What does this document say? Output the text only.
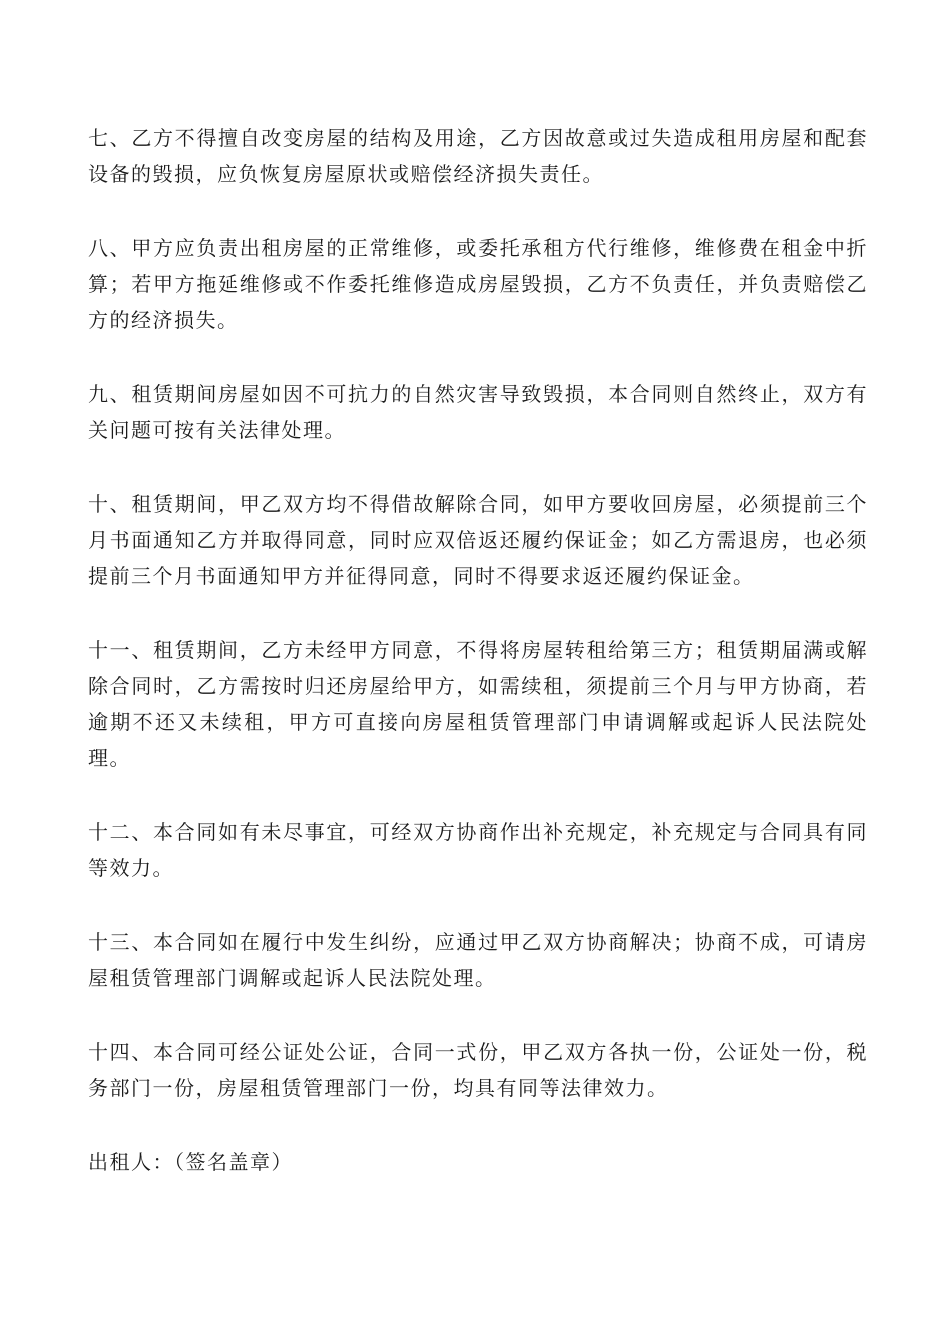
七、乙方不得擅自改变房屋的结构及用途，乙方因故意或过失造成租用房屋和配套设备的毁损，应负恢复房屋原状或赔偿经济损失责任。

八、甲方应负责出租房屋的正常维修，或委托承租方代行维修，维修费在租金中折算；若甲方拖延维修或不作委托维修造成房屋毁损，乙方不负责任，并负责赔偿乙方的经济损失。

九、租赁期间房屋如因不可抗力的自然灾害导致毁损，本合同则自然终止，双方有关问题可按有关法律处理。

十、租赁期间，甲乙双方均不得借故解除合同，如甲方要收回房屋，必须提前三个月书面通知乙方并取得同意，同时应双倍返还履约保证金；如乙方需退房，也必须提前三个月书面通知甲方并征得同意，同时不得要求返还履约保证金。

十一、租赁期间，乙方未经甲方同意，不得将房屋转租给第三方；租赁期届满或解除合同时，乙方需按时归还房屋给甲方，如需续租，须提前三个月与甲方协商，若逾期不还又未续租，甲方可直接向房屋租赁管理部门申请调解或起诉人民法院处理。

十二、本合同如有未尽事宜，可经双方协商作出补充规定，补充规定与合同具有同等效力。

十三、本合同如在履行中发生纠纷，应通过甲乙双方协商解决；协商不成，可请房屋租赁管理部门调解或起诉人民法院处理。

十四、本合同可经公证处公证，合同一式份，甲乙双方各执一份，公证处一份，税务部门一份，房屋租赁管理部门一份，均具有同等法律效力。

出租人：（签名盖章）
